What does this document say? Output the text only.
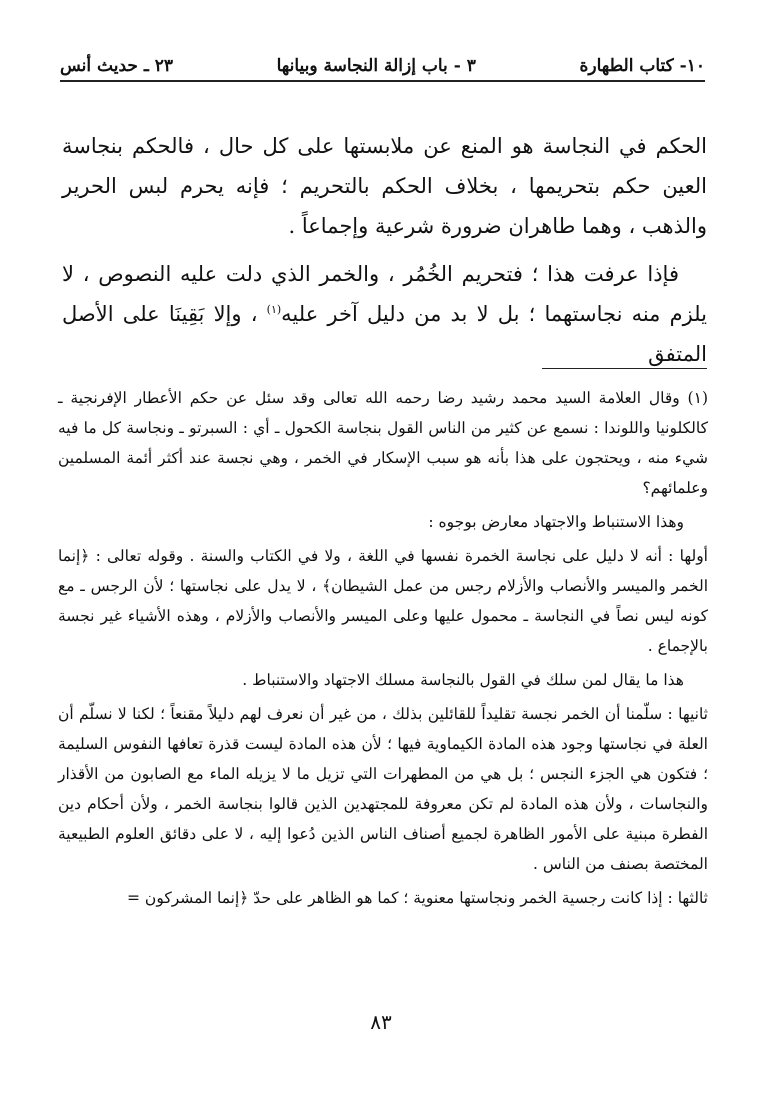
١٠- كتاب الطهارة
٣ - باب إزالة النجاسة وبيانها
٢٣ ـ حديث أنس

الحكم في النجاسة هو المنع عن ملابستها على كل حال ، فالحكم بنجاسة العين حكم بتحريمها ، بخلاف الحكم بالتحريم ؛ فإنه يحرم لبس الحرير والذهب ، وهما طاهران ضرورة شرعية وإجماعاً .

فإذا عرفت هذا ؛ فتحريم الخُمُر ، والخمر الذي دلت عليه النصوص ، لا يلزم منه نجاستهما ؛ بل لا بد من دليل آخر عليه$^{(١)}$ ، وإلا بَقِينَا على الأصل المتفق

(١) وقال العلامة السيد محمد رشيد رضا رحمه الله تعالى وقد سئل عن حكم الأعطار الإفرنجية ـ كالكلونيا واللوندا : نسمع عن كثير من الناس القول بنجاسة الكحول ـ أي : السبرتو ـ ونجاسة كل ما فيه شيء منه ، ويحتجون على هذا بأنه هو سبب الإسكار في الخمر ، وهي نجسة عند أكثر أئمة المسلمين وعلمائهم؟

وهذا الاستنباط والاجتهاد معارض بوجوه :

أولها : أنه لا دليل على نجاسة الخمرة نفسها في اللغة ، ولا في الكتاب والسنة . وقوله تعالى : ﴿إنما الخمر والميسر والأنصاب والأزلام رجس من عمل الشيطان﴾ ، لا يدل على نجاستها ؛ لأن الرجس ـ مع كونه ليس نصاً في النجاسة ـ محمول عليها وعلى الميسر والأنصاب والأزلام ، وهذه الأشياء غير نجسة بالإجماع .

هذا ما يقال لمن سلك في القول بالنجاسة مسلك الاجتهاد والاستنباط .

ثانيها : سلّمنا أن الخمر نجسة تقليداً للقائلين بذلك ، من غير أن نعرف لهم دليلاً مقنعاً ؛ لكنا لا نسلّم أن العلة في نجاستها وجود هذه المادة الكيماوية فيها ؛ لأن هذه المادة ليست قذرة تعافها النفوس السليمة ؛ فتكون هي الجزء النجس ؛ بل هي من المطهرات التي تزيل ما لا يزيله الماء مع الصابون من الأقذار والنجاسات ، ولأن هذه المادة لم تكن معروفة للمجتهدين الذين قالوا بنجاسة الخمر ، ولأن أحكام دين الفطرة مبنية على الأمور الظاهرة لجميع أصناف الناس الذين دُعوا إليه ، لا على دقائق العلوم الطبيعية المختصة بصنف من الناس .

ثالثها : إذا كانت رجسية الخمر ونجاستها معنوية ؛ كما هو الظاهر على حدّ ﴿إنما المشركون =

٨٣
